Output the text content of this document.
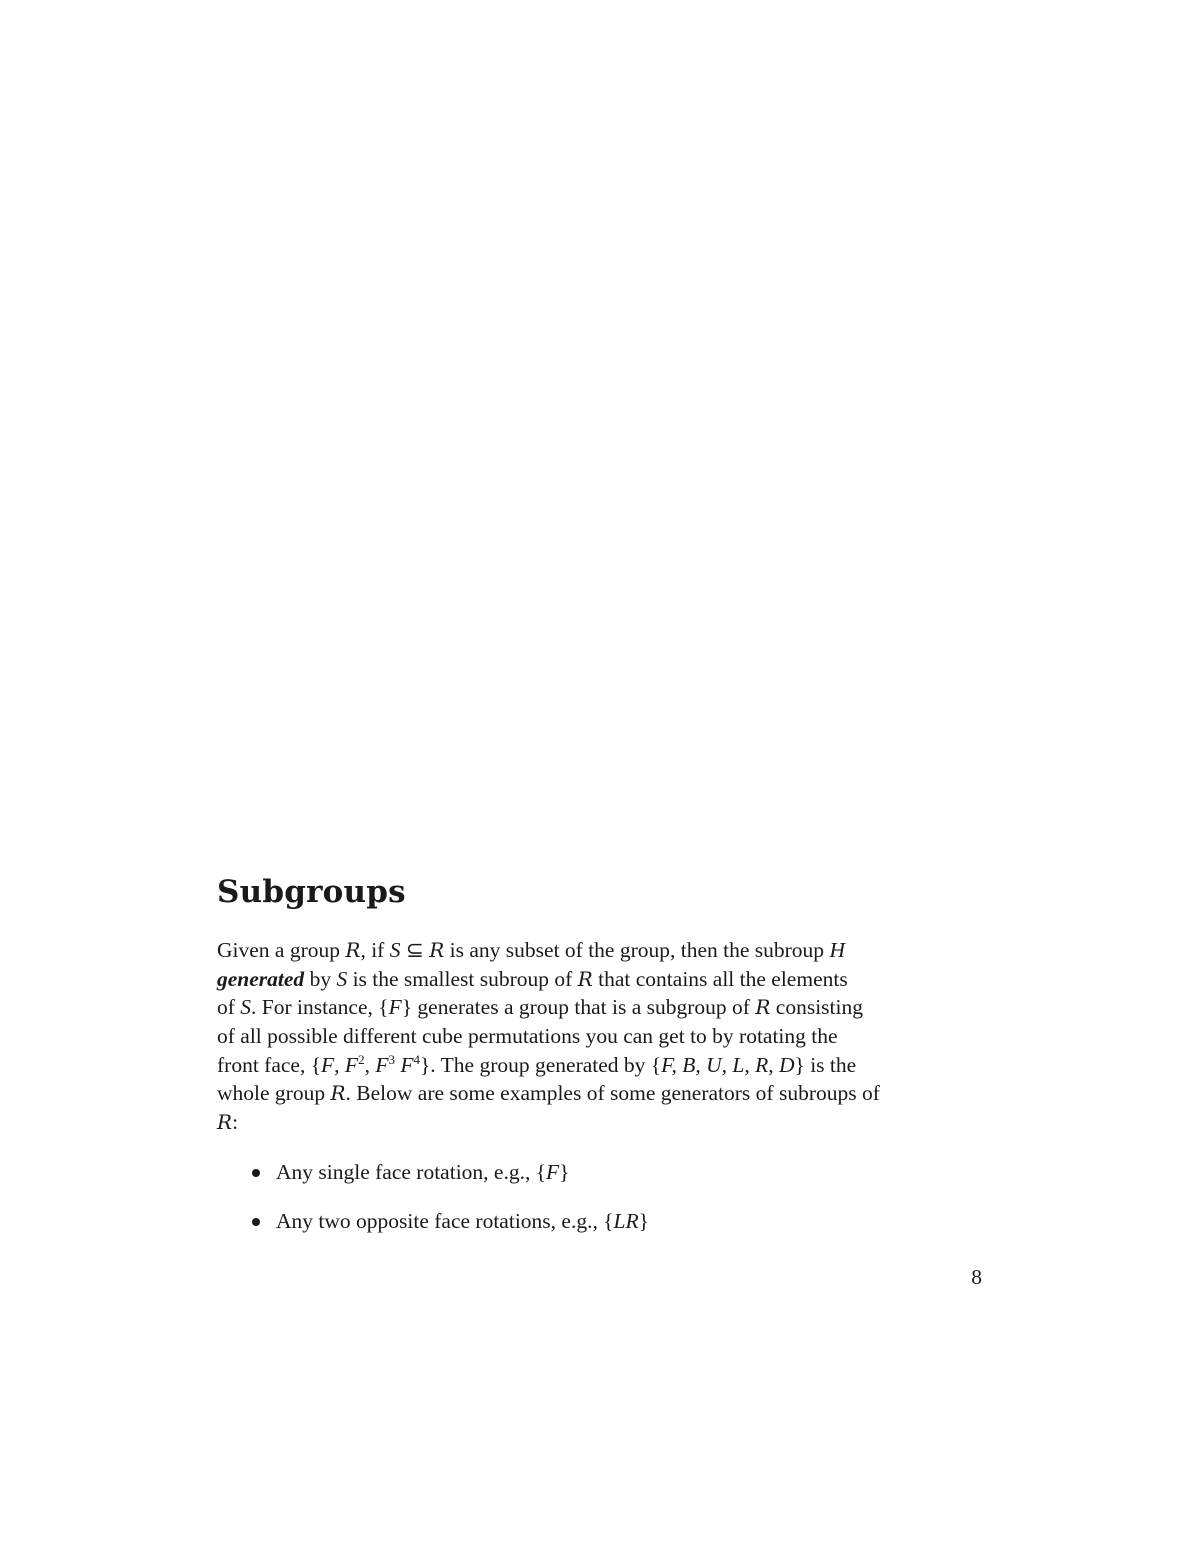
Subgroups
Given a group R, if S ⊆ R is any subset of the group, then the subroup H
generated by S is the smallest subroup of R that contains all the elements
of S. For instance, {F} generates a group that is a subgroup of R consisting
of all possible different cube permutations you can get to by rotating the
front face, {F, $F^2$, $F^3$ $F^4$}. The group generated by {F, B, U, L, R, D} is the
whole group R. Below are some examples of some generators of subroups of
R:
Any single face rotation, e.g., {F}
Any two opposite face rotations, e.g., {LR}
8
